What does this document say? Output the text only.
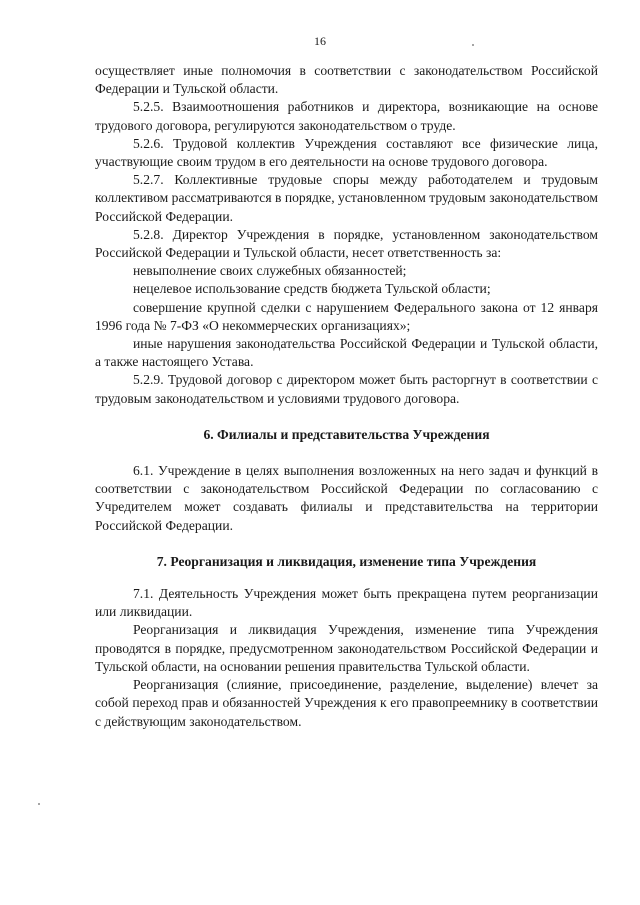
16

осуществляет иные полномочия в соответствии с законодательством Российской Федерации и Тульской области.

5.2.5. Взаимоотношения работников и директора, возникающие на основе трудового договора, регулируются законодательством о труде.

5.2.6. Трудовой коллектив Учреждения составляют все физические лица, участвующие своим трудом в его деятельности на основе трудового договора.

5.2.7. Коллективные трудовые споры между работодателем и трудовым коллективом рассматриваются в порядке, установленном трудовым законодательством Российской Федерации.

5.2.8. Директор Учреждения в порядке, установленном законодательством Российской Федерации и Тульской области, несет ответственность за:

невыполнение своих служебных обязанностей;

нецелевое использование средств бюджета Тульской области;

совершение крупной сделки с нарушением Федерального закона от 12 января 1996 года № 7-ФЗ «О некоммерческих организациях»;

иные нарушения законодательства Российской Федерации и Тульской области, а также настоящего Устава.

5.2.9. Трудовой договор с директором может быть расторгнут в соответствии с трудовым законодательством и условиями трудового договора.

6. Филиалы и представительства Учреждения

6.1. Учреждение в целях выполнения возложенных на него задач и функций в соответствии с законодательством Российской Федерации по согласованию с Учредителем может создавать филиалы и представительства на территории Российской Федерации.

7. Реорганизация и ликвидация, изменение типа Учреждения

7.1. Деятельность Учреждения может быть прекращена путем реорганизации или ликвидации.

Реорганизация и ликвидация Учреждения, изменение типа Учреждения проводятся в порядке, предусмотренном законодательством Российской Федерации и Тульской области, на основании решения правительства Тульской области.

Реорганизация (слияние, присоединение, разделение, выделение) влечет за собой переход прав и обязанностей Учреждения к его правопреемнику в соответствии с действующим законодательством.
